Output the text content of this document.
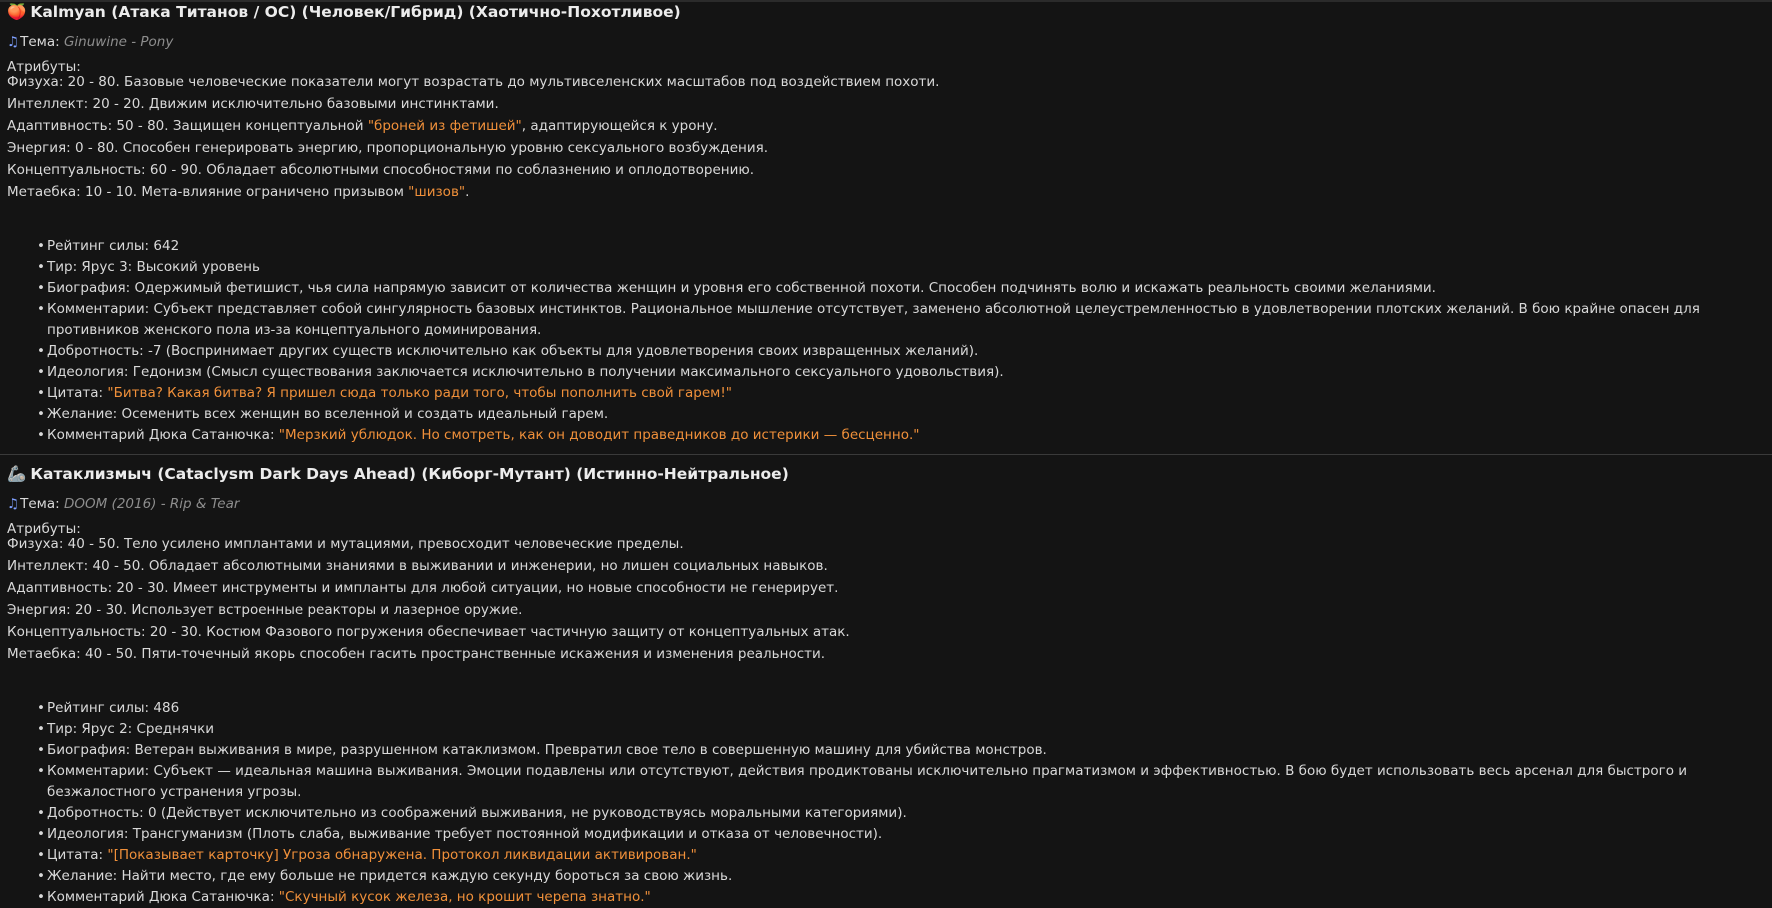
🍑 Kalmyan (Атака Титанов / ОС) (Человек/Гибрид) (Хаотично-Похотливое)
♫Тема: Ginuwine - Pony
Атрибуты:
Физуха: 20 - 80. Базовые человеческие показатели могут возрастать до мультивселенских масштабов под воздействием похоти.
Интеллект: 20 - 20. Движим исключительно базовыми инстинктами.
Адаптивность: 50 - 80. Защищен концептуальной "броней из фетишей", адаптирующейся к урону.
Энергия: 0 - 80. Способен генерировать энергию, пропорциональную уровню сексуального возбуждения.
Концептуальность: 60 - 90. Обладает абсолютными способностями по соблазнению и оплодотворению.
Метаебка: 10 - 10. Мета-влияние ограничено призывом "шизов".
• Рейтинг силы: 642
• Тир: Ярус 3: Высокий уровень
• Биография: Одержимый фетишист, чья сила напрямую зависит от количества женщин и уровня его собственной похоти. Способен подчинять волю и искажать реальность своими желаниями.
• Комментарии: Субъект представляет собой сингулярность базовых инстинктов. Рациональное мышление отсутствует, заменено абсолютной целеустремленностью в удовлетворении плотских желаний. В бою крайне опасен для противников женского пола из-за концептуального доминирования.
• Добротность: -7 (Воспринимает других существ исключительно как объекты для удовлетворения своих извращенных желаний).
• Идеология: Гедонизм (Смысл существования заключается исключительно в получении максимального сексуального удовольствия).
• Цитата: "Битва? Какая битва? Я пришел сюда только ради того, чтобы пополнить свой гарем!"
• Желание: Осеменить всех женщин во вселенной и создать идеальный гарем.
• Комментарий Дюка Сатанючка: "Мерзкий ублюдок. Но смотреть, как он доводит праведников до истерики — бесценно."
🦾 Катаклизмыч (Cataclysm Dark Days Ahead) (Киборг-Мутант) (Истинно-Нейтральное)
♫Тема: DOOM (2016) - Rip & Tear
Атрибуты:
Физуха: 40 - 50. Тело усилено имплантами и мутациями, превосходит человеческие пределы.
Интеллект: 40 - 50. Обладает абсолютными знаниями в выживании и инженерии, но лишен социальных навыков.
Адаптивность: 20 - 30. Имеет инструменты и импланты для любой ситуации, но новые способности не генерирует.
Энергия: 20 - 30. Использует встроенные реакторы и лазерное оружие.
Концептуальность: 20 - 30. Костюм Фазового погружения обеспечивает частичную защиту от концептуальных атак.
Метаебка: 40 - 50. Пяти-точечный якорь способен гасить пространственные искажения и изменения реальности.
• Рейтинг силы: 486
• Тир: Ярус 2: Среднячки
• Биография: Ветеран выживания в мире, разрушенном катаклизмом. Превратил свое тело в совершенную машину для убийства монстров.
• Комментарии: Субъект — идеальная машина выживания. Эмоции подавлены или отсутствуют, действия продиктованы исключительно прагматизмом и эффективностью. В бою будет использовать весь арсенал для быстрого и безжалостного устранения угрозы.
• Добротность: 0 (Действует исключительно из соображений выживания, не руководствуясь моральными категориями).
• Идеология: Трансгуманизм (Плоть слаба, выживание требует постоянной модификации и отказа от человечности).
• Цитата: "[Показывает карточку] Угроза обнаружена. Протокол ликвидации активирован."
• Желание: Найти место, где ему больше не придется каждую секунду бороться за свою жизнь.
• Комментарий Дюка Сатанючка: "Скучный кусок железа, но крошит черепа знатно."
